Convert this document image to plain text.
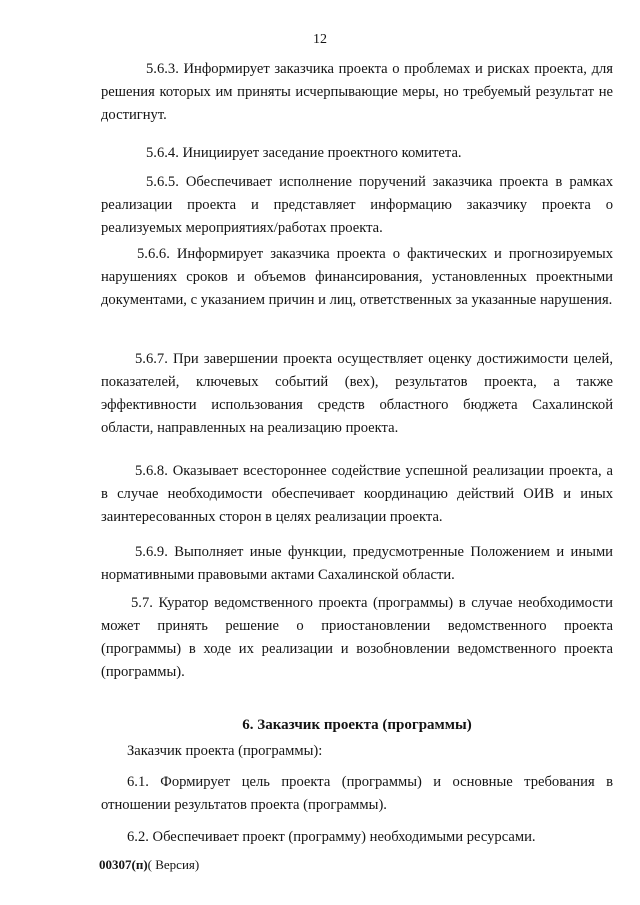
12

5.6.3. Информирует заказчика проекта о проблемах и рисках проекта, для решения которых им приняты исчерпывающие меры, но требуемый результат не достигнут.

5.6.4. Инициирует заседание проектного комитета.

5.6.5. Обеспечивает исполнение поручений заказчика проекта в рамках реализации проекта и представляет информацию заказчику проекта о реализуемых мероприятиях/работах проекта.

5.6.6. Информирует заказчика проекта о фактических и прогнозируемых нарушениях сроков и объемов финансирования, установленных проектными документами, с указанием причин и лиц, ответственных за указанные нарушения.

5.6.7. При завершении проекта осуществляет оценку достижимости целей, показателей, ключевых событий (вех), результатов проекта, а также эффективности использования средств областного бюджета Сахалинской области, направленных на реализацию проекта.

5.6.8. Оказывает всестороннее содействие успешной реализации проекта, а в случае необходимости обеспечивает координацию действий ОИВ и иных заинтересованных сторон в целях реализации проекта.

5.6.9. Выполняет иные функции, предусмотренные Положением и иными нормативными правовыми актами Сахалинской области.

5.7. Куратор ведомственного проекта (программы) в случае необходимости может принять решение о приостановлении ведомственного проекта (программы) в ходе их реализации и возобновлении ведомственного проекта (программы).

6. Заказчик проекта (программы)

Заказчик проекта (программы):

6.1. Формирует цель проекта (программы) и основные требования в отношении результатов проекта (программы).

6.2. Обеспечивает проект (программу) необходимыми ресурсами.

00307(п)( Версия)
